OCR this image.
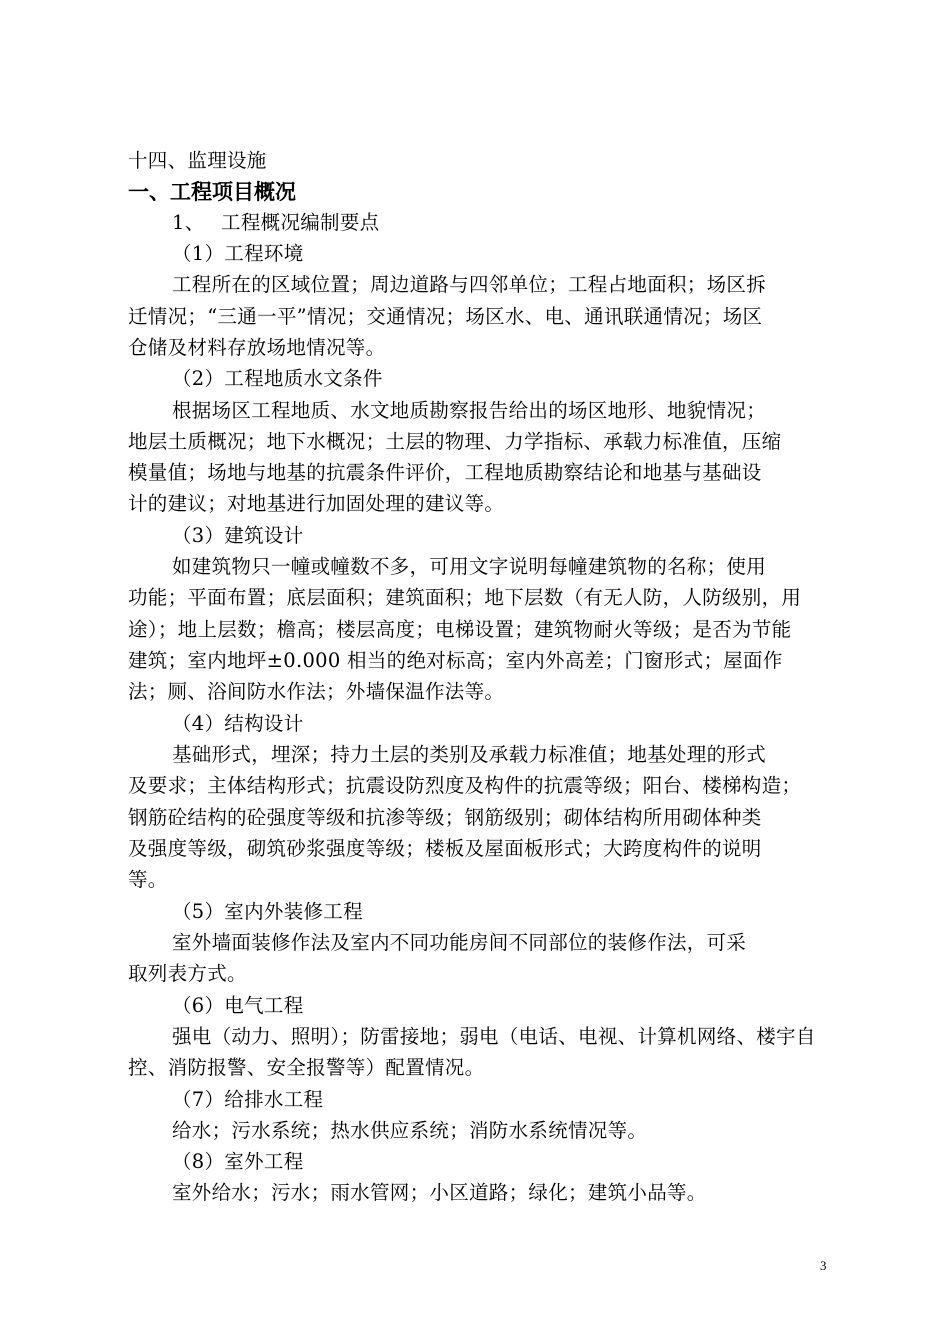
十四、监理设施
一、工程项目概况
1、　 工程概况编制要点
（1）工程环境
工程所在的区域位置；周边道路与四邻单位；工程占地面积；场区拆
迁情况；“三通一平”情况；交通情况；场区水、电、通讯联通情况；场区
仓储及材料存放场地情况等。
（2）工程地质水文条件
根据场区工程地质、水文地质勘察报告给出的场区地形、地貌情况；
地层土质概况；地下水概况；土层的物理、力学指标、承载力标准值，压缩
模量值；场地与地基的抗震条件评价，工程地质勘察结论和地基与基础设
计的建议；对地基进行加固处理的建议等。
（3）建筑设计
如建筑物只一幢或幢数不多，可用文字说明每幢建筑物的名称；使用
功能；平面布置；底层面积；建筑面积；地下层数（有无人防，人防级别，用
途）；地上层数；檐高；楼层高度；电梯设置；建筑物耐火等级；是否为节能
建筑；室内地坪±0.000 相当的绝对标高；室内外高差；门窗形式；屋面作
法；厕、浴间防水作法；外墙保温作法等。
（4）结构设计
基础形式，埋深；持力土层的类别及承载力标准值；地基处理的形式
及要求；主体结构形式；抗震设防烈度及构件的抗震等级；阳台、楼梯构造；
钢筋砼结构的砼强度等级和抗渗等级；钢筋级别；砌体结构所用砌体种类
及强度等级，砌筑砂浆强度等级；楼板及屋面板形式；大跨度构件的说明
等。
（5）室内外装修工程
室外墙面装修作法及室内不同功能房间不同部位的装修作法，可采
取列表方式。
（6）电气工程
强电（动力、照明）；防雷接地；弱电（电话、电视、计算机网络、楼宇自
控、消防报警、安全报警等）配置情况。
（7）给排水工程
给水；污水系统；热水供应系统；消防水系统情况等。
（8）室外工程
室外给水；污水；雨水管网；小区道路；绿化；建筑小品等。
3
